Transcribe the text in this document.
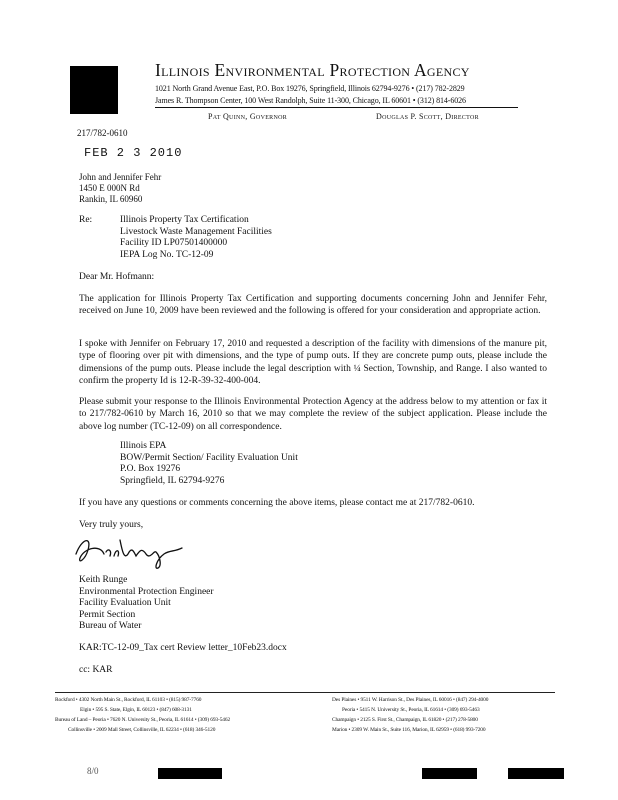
Illinois Environmental Protection Agency
1021 North Grand Avenue East, P.O. Box 19276, Springfield, Illinois 62794-9276 • (217) 782-2829
James R. Thompson Center, 100 West Randolph, Suite 11-300, Chicago, IL 60601 • (312) 814-6026
Pat Quinn, Governor	Douglas P. Scott, Director
217/782-0610
FEB 2 3 2010
John and Jennifer Fehr
1450 E 000N Rd
Rankin, IL 60960
Re:	Illinois Property Tax Certification
Livestock Waste Management Facilities
Facility ID LP07501400000
IEPA Log No. TC-12-09
Dear Mr. Hofmann:
The application for Illinois Property Tax Certification and supporting documents concerning John and Jennifer Fehr, received on June 10, 2009 have been reviewed and the following is offered for your consideration and appropriate action.
I spoke with Jennifer on February 17, 2010 and requested a description of the facility with dimensions of the manure pit, type of flooring over pit with dimensions, and the type of pump outs. If they are concrete pump outs, please include the dimensions of the pump outs. Please include the legal description with ¼ Section, Township, and Range. I also wanted to confirm the property Id is 12-R-39-32-400-004.
Please submit your response to the Illinois Environmental Protection Agency at the address below to my attention or fax it to 217/782-0610 by March 16, 2010 so that we may complete the review of the subject application. Please include the above log number (TC-12-09) on all correspondence.
Illinois EPA
BOW/Permit Section/ Facility Evaluation Unit
P.O. Box 19276
Springfield, IL 62794-9276
If you have any questions or comments concerning the above items, please contact me at 217/782-0610.
Very truly yours,
Keith Runge
Environmental Protection Engineer
Facility Evaluation Unit
Permit Section
Bureau of Water
KAR:TC-12-09_Tax cert Review letter_10Feb23.docx
cc: KAR
Rockford • 4302 North Main St., Rockford, IL 61103 • (815) 987-7760
Elgin • 595 S. State, Elgin, IL 60123 • (847) 608-3131
Bureau of Land – Peoria • 7620 N. University St., Peoria, IL 61614 • (309) 693-5462
Collinsville • 2009 Mall Street, Collinsville, IL 62234 • (618) 346-5120
Des Plaines • 9511 W. Harrison St., Des Plaines, IL 60016 • (847) 294-4000
Peoria • 5415 N. University St., Peoria, IL 61614 • (309) 693-5463
Champaign • 2125 S. First St., Champaign, IL 61820 • (217) 278-5800
Marion • 2309 W. Main St., Suite 116, Marion, IL 62959 • (618) 993-7200
8/0
